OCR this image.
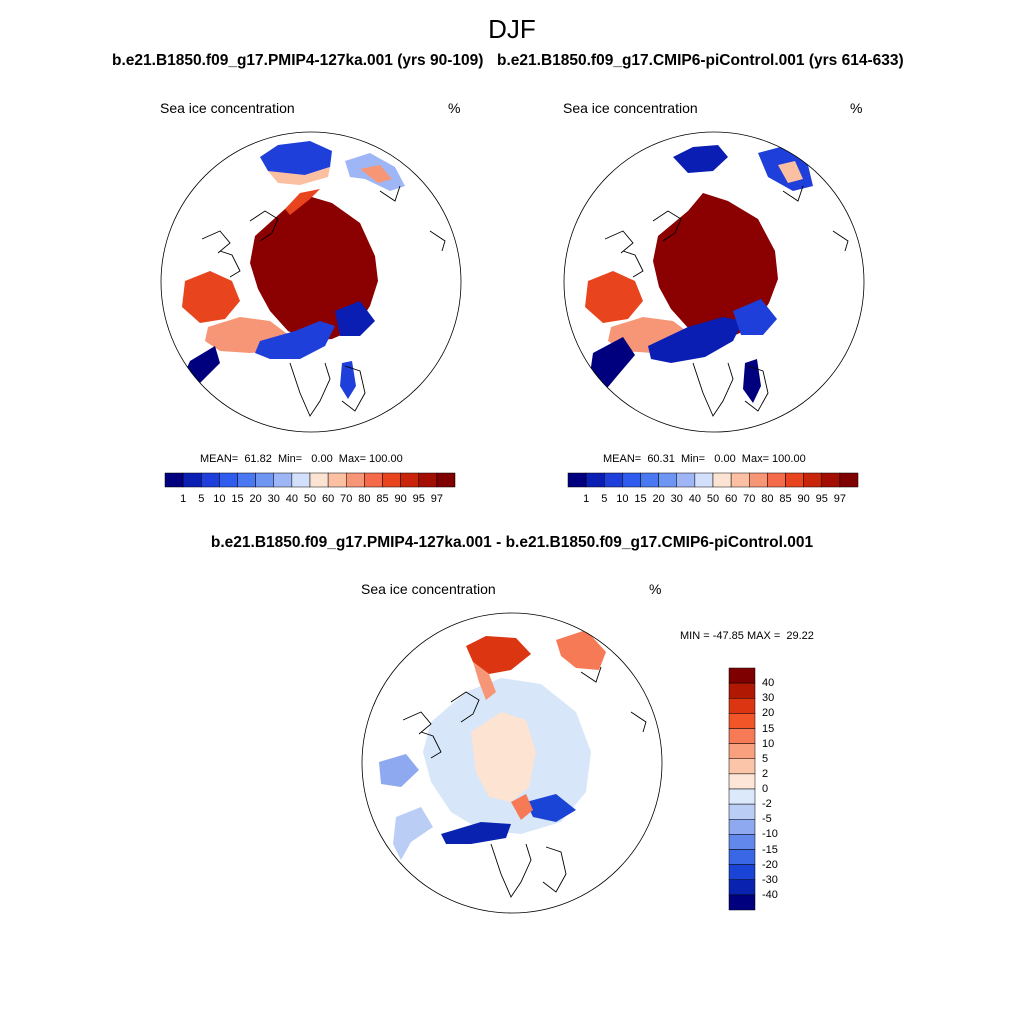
DJF
b.e21.B1850.f09_g17.PMIP4-127ka.001 (yrs 90-109) b.e21.B1850.f09_g17.CMIP6-piControl.001 (yrs 614-633)
Sea ice concentration	%
MEAN=  61.82  Min=   0.00  Max= 100.00
1 5 10 15 20 30 40 50 60 70 80 85 90 95 97
Sea ice concentration	%
MEAN=  60.31  Min=   0.00  Max= 100.00
1 5 10 15 20 30 40 50 60 70 80 85 90 95 97
b.e21.B1850.f09_g17.PMIP4-127ka.001 - b.e21.B1850.f09_g17.CMIP6-piControl.001
Sea ice concentration	%
MIN = -47.85 MAX =  29.22
40
30
20
15
10
5
2
0
-2
-5
-10
-15
-20
-30
-40
